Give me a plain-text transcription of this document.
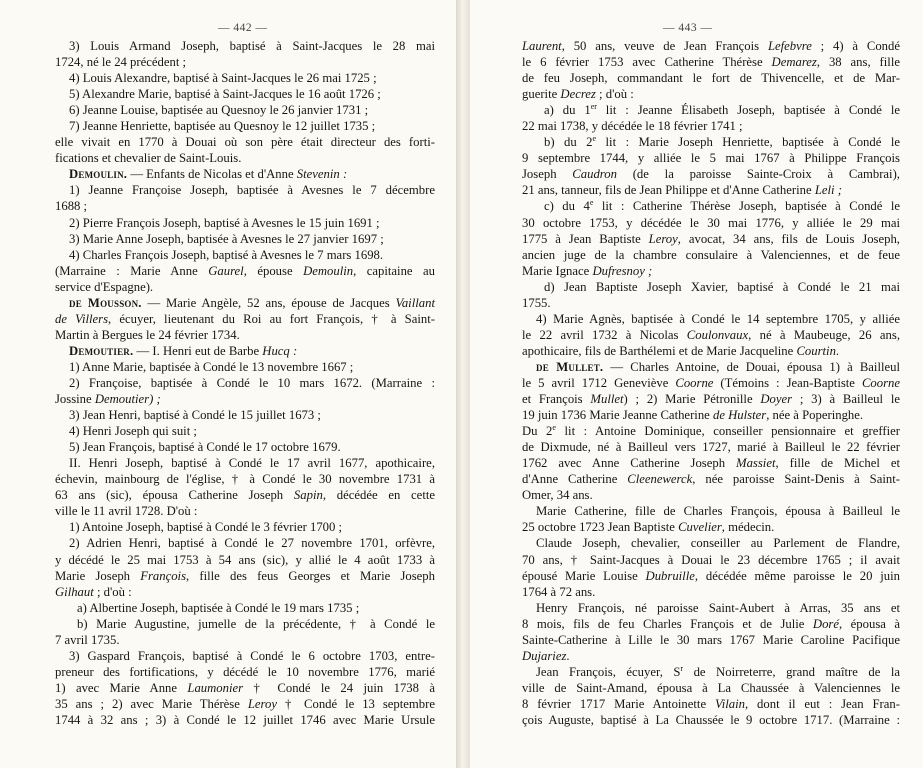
— 442 —
3) Louis Armand Joseph, baptisé à Saint-Jacques le 28 mai
1724, né le 24 précédent ;
4) Louis Alexandre, baptisé à Saint-Jacques le 26 mai 1725 ;
5) Alexandre Marie, baptisé à Saint-Jacques le 16 août 1726 ;
6) Jeanne Louise, baptisée au Quesnoy le 26 janvier 1731 ;
7) Jeanne Henriette, baptisée au Quesnoy le 12 juillet 1735 ;
elle vivait en 1770 à Douai où son père était directeur des forti-
fications et chevalier de Saint-Louis.
Demoulin. — Enfants de Nicolas et d'Anne Stevenin :
1) Jeanne Françoise Joseph, baptisée à Avesnes le 7 décembre
1688 ;
2) Pierre François Joseph, baptisé à Avesnes le 15 juin 1691 ;
3) Marie Anne Joseph, baptisée à Avesnes le 27 janvier 1697 ;
4) Charles François Joseph, baptisé à Avesnes le 7 mars 1698.
(Marraine : Marie Anne Gaurel, épouse Demoulin, capitaine au
service d'Espagne).
de Mousson. — Marie Angèle, 52 ans, épouse de Jacques Vaillant
de Villers, écuyer, lieutenant du Roi au fort François, † à Saint-
Martin à Bergues le 24 février 1734.
Demoutier. — I. Henri eut de Barbe Hucq :
1) Anne Marie, baptisée à Condé le 13 novembre 1667 ;
2) Françoise, baptisée à Condé le 10 mars 1672. (Marraine :
Jossine Demoutier) ;
3) Jean Henri, baptisé à Condé le 15 juillet 1673 ;
4) Henri Joseph qui suit ;
5) Jean François, baptisé à Condé le 17 octobre 1679.
II. Henri Joseph, baptisé à Condé le 17 avril 1677, apothicaire,
échevin, mainbourg de l'église, † à Condé le 30 novembre 1731 à
63 ans (sic), épousa Catherine Joseph Sapin, décédée en cette
ville le 11 avril 1728. D'où :
1) Antoine Joseph, baptisé à Condé le 3 février 1700 ;
2) Adrien Henri, baptisé à Condé le 27 novembre 1701, orfèvre,
y décédé le 25 mai 1753 à 54 ans (sic), y allié le 4 août 1733 à
Marie Joseph François, fille des feus Georges et Marie Joseph
Gilhaut ; d'où :
a) Albertine Joseph, baptisée à Condé le 19 mars 1735 ;
b) Marie Augustine, jumelle de la précédente, † à Condé le
7 avril 1735.
3) Gaspard François, baptisé à Condé le 6 octobre 1703, entre-
preneur des fortifications, y décédé le 10 novembre 1776, marié
1) avec Marie Anne Laumonier † Condé le 24 juin 1738 à
35 ans ; 2) avec Marie Thérèse Leroy † Condé le 13 septembre
1744 à 32 ans ; 3) à Condé le 12 juillet 1746 avec Marie Ursule
— 443 —
Laurent, 50 ans, veuve de Jean François Lefebvre ; 4) à Condé
le 6 février 1753 avec Catherine Thérèse Demarez, 38 ans, fille
de feu Joseph, commandant le fort de Thivencelle, et de Mar-
guerite Decrez ; d'où :
a) du 1er lit : Jeanne Élisabeth Joseph, baptisée à Condé le
22 mai 1738, y décédée le 18 février 1741 ;
b) du 2e lit : Marie Joseph Henriette, baptisée à Condé le
9 septembre 1744, y alliée le 5 mai 1767 à Philippe François
Joseph Caudron (de la paroisse Sainte-Croix à Cambrai),
21 ans, tanneur, fils de Jean Philippe et d'Anne Catherine Leli ;
c) du 4e lit : Catherine Thérèse Joseph, baptisée à Condé le
30 octobre 1753, y décédée le 30 mai 1776, y alliée le 29 mai
1775 à Jean Baptiste Leroy, avocat, 34 ans, fils de Louis Joseph,
ancien juge de la chambre consulaire à Valenciennes, et de feue
Marie Ignace Dufresnoy ;
d) Jean Baptiste Joseph Xavier, baptisé à Condé le 21 mai
1755.
4) Marie Agnès, baptisée à Condé le 14 septembre 1705, y alliée
le 22 avril 1732 à Nicolas Coulonvaux, né à Maubeuge, 26 ans,
apothicaire, fils de Barthélemi et de Marie Jacqueline Courtin.
de Mullet. — Charles Antoine, de Douai, épousa 1) à Bailleul
le 5 avril 1712 Geneviève Coorne (Témoins : Jean-Baptiste Coorne
et François Mullet) ; 2) Marie Pétronille Doyer ; 3) à Bailleul le
19 juin 1736 Marie Jeanne Catherine de Hulster, née à Poperinghe.
Du 2e lit : Antoine Dominique, conseiller pensionnaire et greffier
de Dixmude, né à Bailleul vers 1727, marié à Bailleul le 22 février
1762 avec Anne Catherine Joseph Massiet, fille de Michel et
d'Anne Catherine Cleenewerck, née paroisse Saint-Denis à Saint-
Omer, 34 ans.
Marie Catherine, fille de Charles François, épousa à Bailleul le
25 octobre 1723 Jean Baptiste Cuvelier, médecin.
Claude Joseph, chevalier, conseiller au Parlement de Flandre,
70 ans, † Saint-Jacques à Douai le 23 décembre 1765 ; il avait
épousé Marie Louise Dubruille, décédée même paroisse le 20 juin
1764 à 72 ans.
Henry François, né paroisse Saint-Aubert à Arras, 35 ans et
8 mois, fils de feu Charles François et de Julie Doré, épousa à
Sainte-Catherine à Lille le 30 mars 1767 Marie Caroline Pacifique
Dujariez.
Jean François, écuyer, $S^r$ de Noirreterre, grand maître de la
ville de Saint-Amand, épousa à La Chaussée à Valenciennes le
8 février 1717 Marie Antoinette Vilain, dont il eut : Jean Fran-
çois Auguste, baptisé à La Chaussée le 9 octobre 1717. (Marraine :
